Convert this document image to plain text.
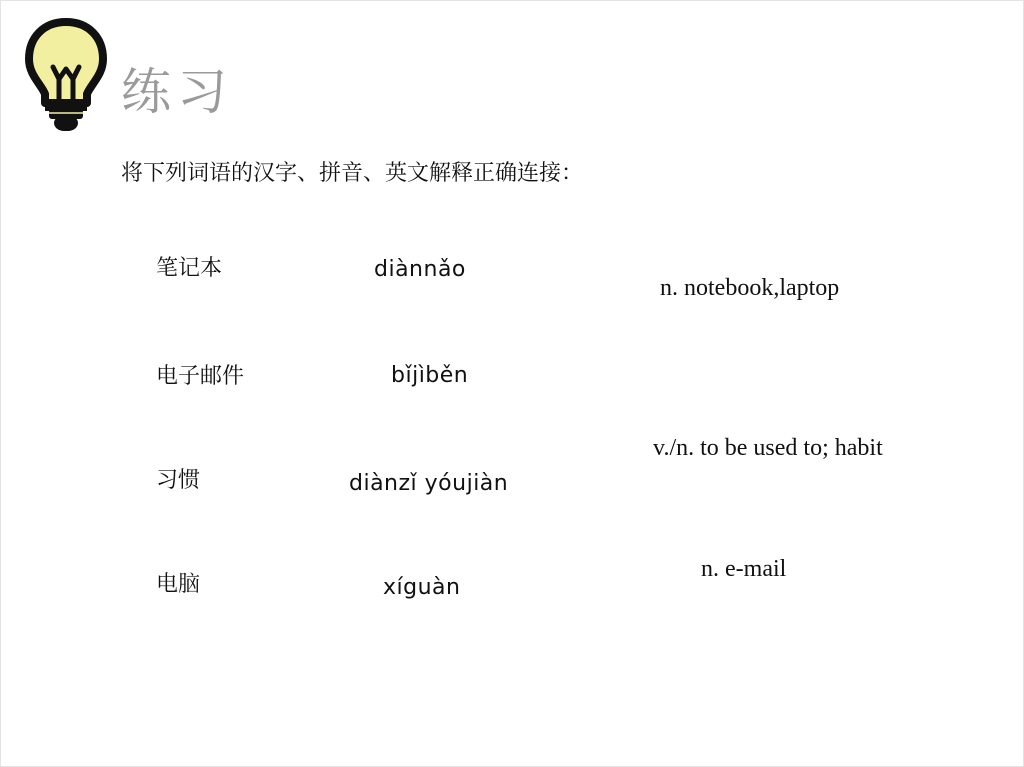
练习
将下列词语的汉字、拼音、英文解释正确连接：
笔记本
电子邮件
习惯
电脑
diànnǎo
bǐjìběn
diànzǐ yóujiàn
xíguàn
n. notebook,laptop
v./n. to be used to; habit
n. e-mail
